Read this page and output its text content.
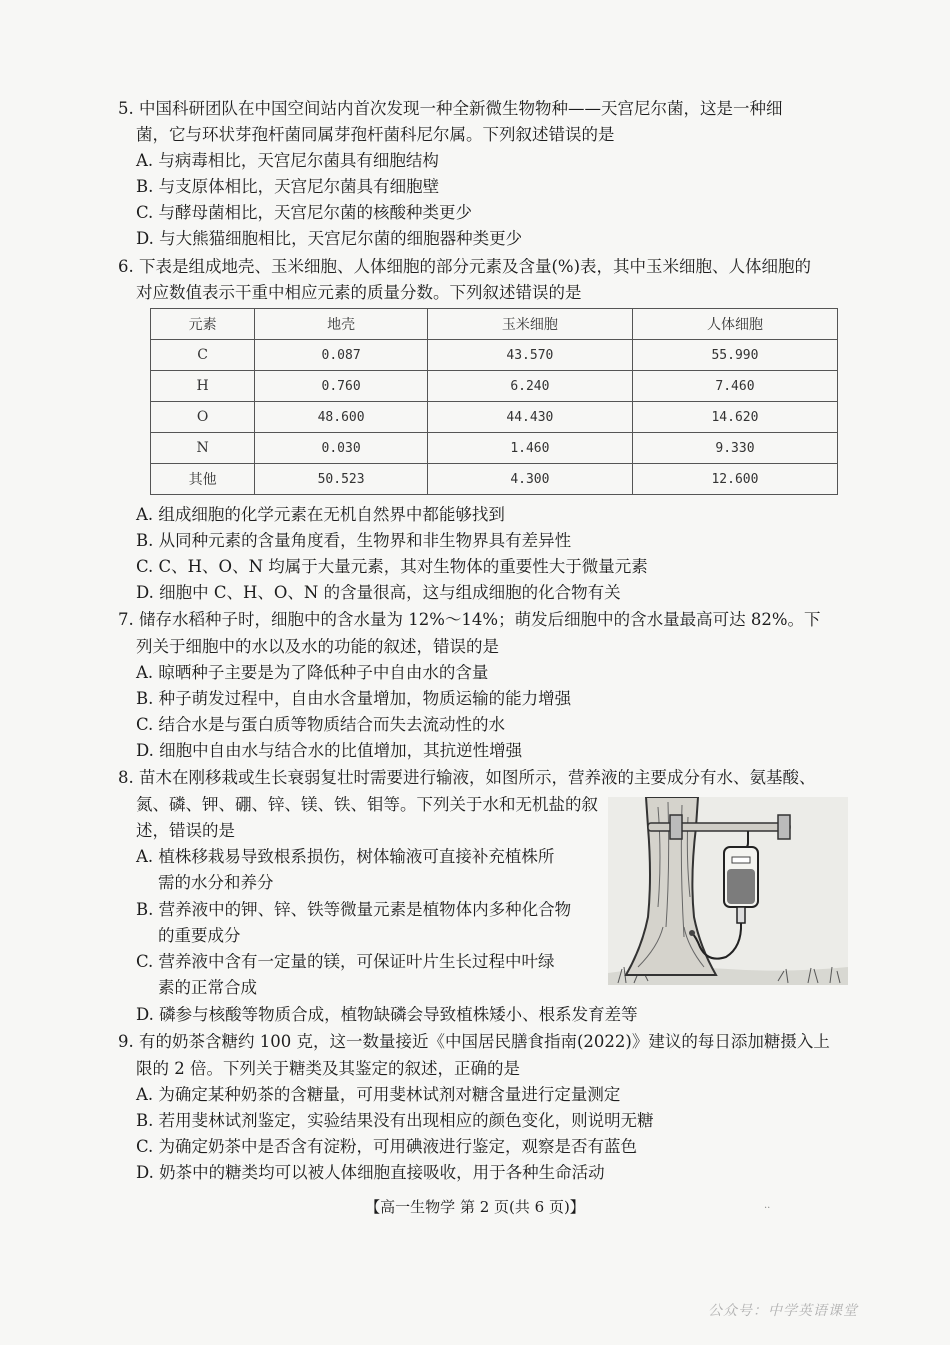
5. 中国科研团队在中国空间站内首次发现一种全新微生物物种——天宫尼尔菌，这是一种细
菌，它与环状芽孢杆菌同属芽孢杆菌科尼尔属。下列叙述错误的是
A. 与病毒相比，天宫尼尔菌具有细胞结构
B. 与支原体相比，天宫尼尔菌具有细胞壁
C. 与酵母菌相比，天宫尼尔菌的核酸种类更少
D. 与大熊猫细胞相比，天宫尼尔菌的细胞器种类更少
6. 下表是组成地壳、玉米细胞、人体细胞的部分元素及含量(%)表，其中玉米细胞、人体细胞的
对应数值表示干重中相应元素的质量分数。下列叙述错误的是
元素	地壳	玉米细胞	人体细胞
C	0.087	43.570	55.990
H	0.760	6.240	7.460
O	48.600	44.430	14.620
N	0.030	1.460	9.330
其他	50.523	4.300	12.600
A. 组成细胞的化学元素在无机自然界中都能够找到
B. 从同种元素的含量角度看，生物界和非生物界具有差异性
C. C、H、O、N 均属于大量元素，其对生物体的重要性大于微量元素
D. 细胞中 C、H、O、N 的含量很高，这与组成细胞的化合物有关
7. 储存水稻种子时，细胞中的含水量为 12%～14%；萌发后细胞中的含水量最高可达 82%。下
列关于细胞中的水以及水的功能的叙述，错误的是
A. 晾晒种子主要是为了降低种子中自由水的含量
B. 种子萌发过程中，自由水含量增加，物质运输的能力增强
C. 结合水是与蛋白质等物质结合而失去流动性的水
D. 细胞中自由水与结合水的比值增加，其抗逆性增强
8. 苗木在刚移栽或生长衰弱复壮时需要进行输液，如图所示，营养液的主要成分有水、氨基酸、
氮、磷、钾、硼、锌、镁、铁、钼等。下列关于水和无机盐的叙
述，错误的是
A. 植株移栽易导致根系损伤，树体输液可直接补充植株所
需的水分和养分
B. 营养液中的钾、锌、铁等微量元素是植物体内多种化合物
的重要成分
C. 营养液中含有一定量的镁，可保证叶片生长过程中叶绿
素的正常合成
D. 磷参与核酸等物质合成，植物缺磷会导致植株矮小、根系发育差等
9. 有的奶茶含糖约 100 克，这一数量接近《中国居民膳食指南(2022)》建议的每日添加糖摄入上
限的 2 倍。下列关于糖类及其鉴定的叙述，正确的是
A. 为确定某种奶茶的含糖量，可用斐林试剂对糖含量进行定量测定
B. 若用斐林试剂鉴定，实验结果没有出现相应的颜色变化，则说明无糖
C. 为确定奶茶中是否含有淀粉，可用碘液进行鉴定，观察是否有蓝色
D. 奶茶中的糖类均可以被人体细胞直接吸收，用于各种生命活动
【高一生物学 第 2 页(共 6 页)】	..
公众号：中学英语课堂
